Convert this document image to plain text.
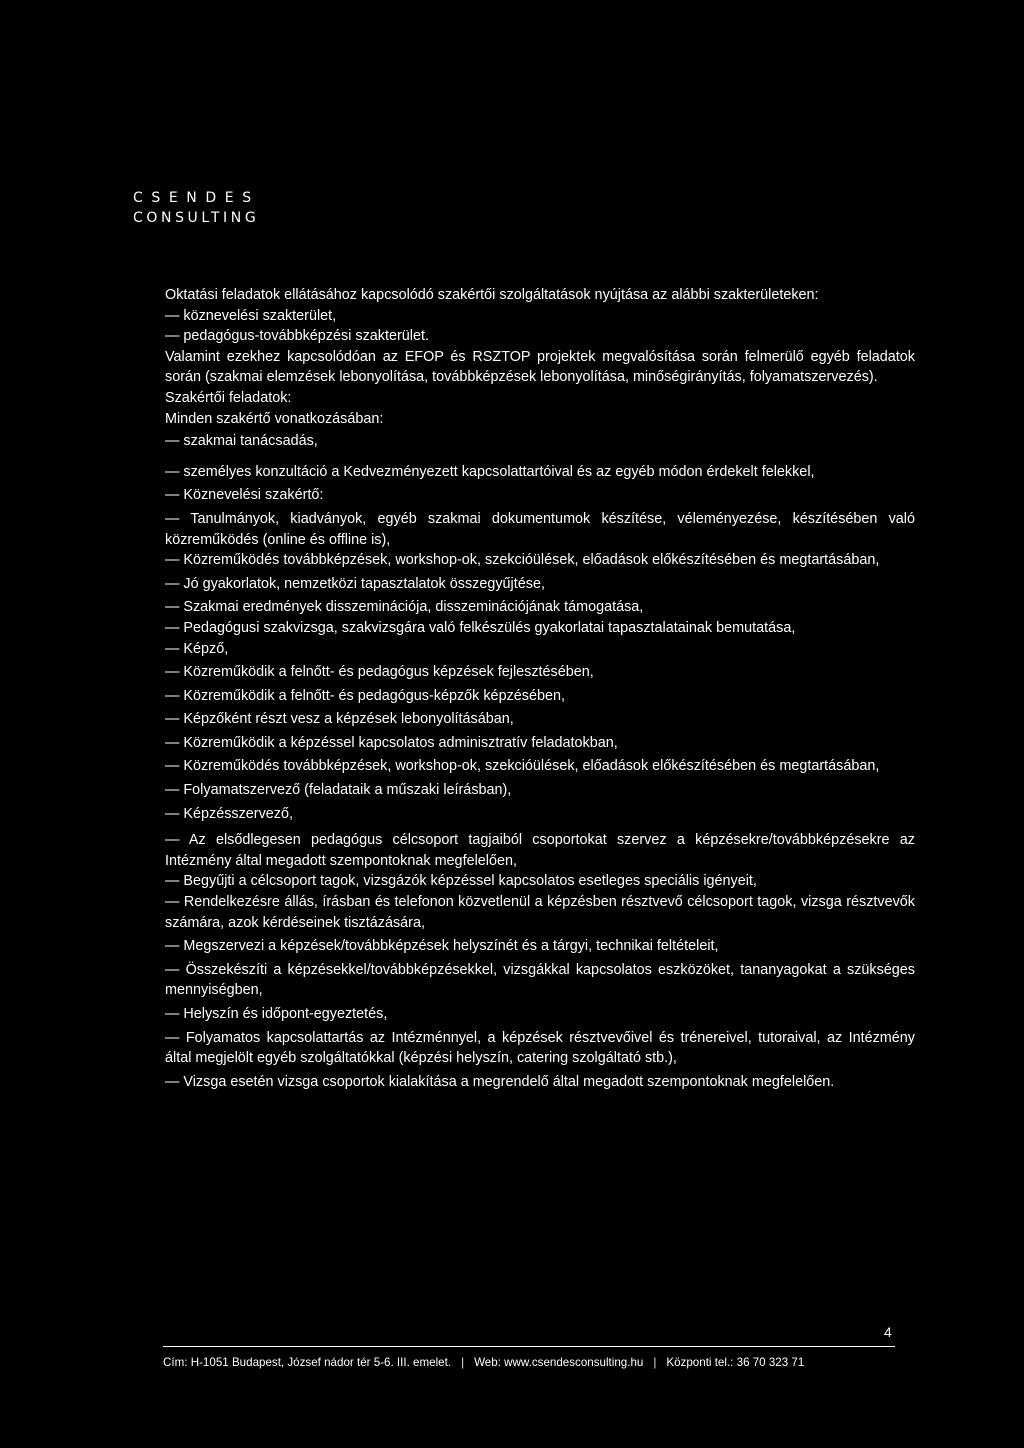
CSENDES
CONSULTING

Oktatási feladatok ellátásához kapcsolódó szakértői szolgáltatások nyújtása az alábbi szakterületeken:

— köznevelési szakterület,

— pedagógus-továbbképzési szakterület.

Valamint ezekhez kapcsolódóan az EFOP és RSZTOP projektek megvalósítása során felmerülő egyéb feladatok során (szakmai elemzések lebonyolítása, továbbképzések lebonyolítása, minőségirányítás, folyamatszervezés).

Szakértői feladatok:

Minden szakértő vonatkozásában:

— szakmai tanácsadás,

— személyes konzultáció a Kedvezményezett kapcsolattartóival és az egyéb módon érdekelt felekkel,

— Köznevelési szakértő:

— Tanulmányok, kiadványok, egyéb szakmai dokumentumok készítése, véleményezése, készítésében való közreműködés (online és offline is),

— Közreműködés továbbképzések, workshop-ok, szekcióülések, előadások előkészítésében és megtartásában,

— Jó gyakorlatok, nemzetközi tapasztalatok összegyűjtése,

— Szakmai eredmények disszeminációja, disszeminációjának támogatása,

— Pedagógusi szakvizsga, szakvizsgára való felkészülés gyakorlatai tapasztalatainak bemutatása,

— Képző,

— Közreműködik a felnőtt- és pedagógus képzések fejlesztésében,

— Közreműködik a felnőtt- és pedagógus-képzők képzésében,

— Képzőként részt vesz a képzések lebonyolításában,

— Közreműködik a képzéssel kapcsolatos adminisztratív feladatokban,

— Közreműködés továbbképzések, workshop-ok, szekcióülések, előadások előkészítésében és megtartásában,

— Folyamatszervező (feladataik a műszaki leírásban),

— Képzésszervező,

— Az elsődlegesen pedagógus célcsoport tagjaiból csoportokat szervez a képzésekre/továbbképzésekre az Intézmény által megadott szempontoknak megfelelően,

— Begyűjti a célcsoport tagok, vizsgázók képzéssel kapcsolatos esetleges speciális igényeit,

— Rendelkezésre állás, írásban és telefonon közvetlenül a képzésben résztvevő célcsoport tagok, vizsga résztvevők számára, azok kérdéseinek tisztázására,

— Megszervezi a képzések/továbbképzések helyszínét és a tárgyi, technikai feltételeit,

— Összekészíti a képzésekkel/továbbképzésekkel, vizsgákkal kapcsolatos eszközöket, tananyagokat a szükséges mennyiségben,

— Helyszín és időpont-egyeztetés,

— Folyamatos kapcsolattartás az Intézménnyel, a képzések résztvevőivel és trénereivel, tutoraival, az Intézmény által megjelölt egyéb szolgáltatókkal (képzési helyszín, catering szolgáltató stb.),

— Vizsga esetén vizsga csoportok kialakítása a megrendelő által megadott szempontoknak megfelelően.

4
Cím: H-1051 Budapest, József nádor tér 5-6. III. emelet. | Web: www.csendesconsulting.hu | Központi tel.: 36 70 323 71
